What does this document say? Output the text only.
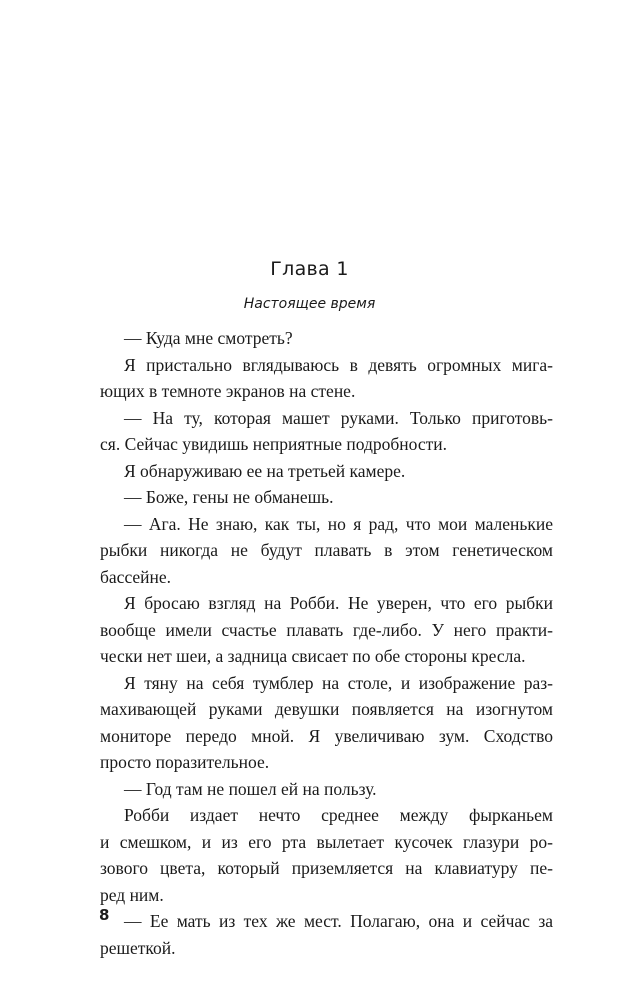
Глава 1
Настоящее время
— Куда мне смотреть?
Я пристально вглядываюсь в девять огромных мига-
ющих в темноте экранов на стене.
— На ту, которая машет руками. Только приготовь-
ся. Сейчас увидишь неприятные подробности.
Я обнаруживаю ее на третьей камере.
— Боже, гены не обманешь.
— Ага. Не знаю, как ты, но я рад, что мои маленькие
рыбки никогда не будут плавать в этом генетическом
бассейне.
Я бросаю взгляд на Робби. Не уверен, что его рыбки
вообще имели счастье плавать где-либо. У него практи-
чески нет шеи, а задница свисает по обе стороны кресла.
Я тяну на себя тумблер на столе, и изображение раз-
махивающей руками девушки появляется на изогнутом
мониторе передо мной. Я увеличиваю зум. Сходство
просто поразительное.
— Год там не пошел ей на пользу.
Робби издает нечто среднее между фырканьем
и смешком, и из его рта вылетает кусочек глазури ро-
зового цвета, который приземляется на клавиатуру пе-
ред ним.
— Ее мать из тех же мест. Полагаю, она и сейчас за
решеткой.
8
